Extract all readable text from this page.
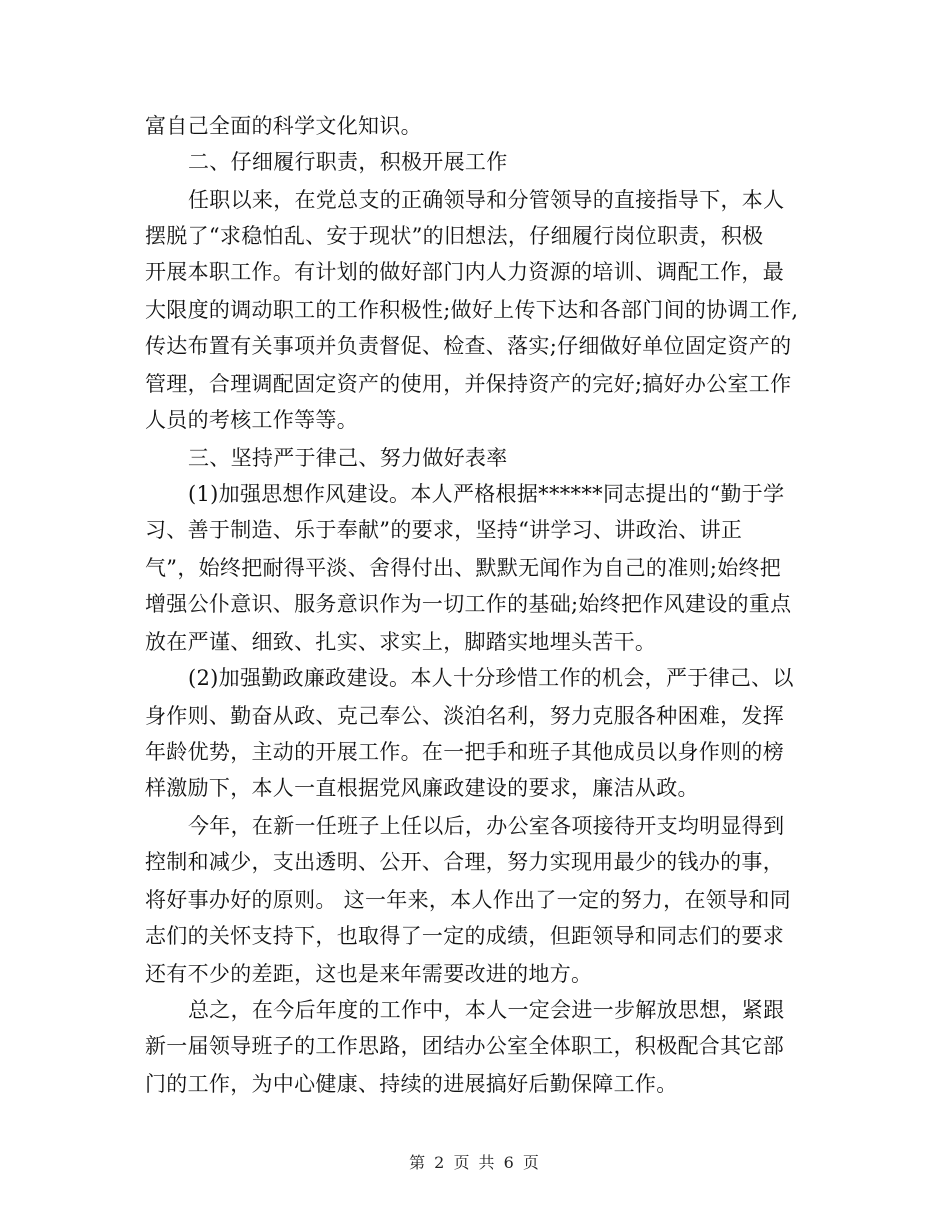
富自己全面的科学文化知识。
二、仔细履行职责，积极开展工作
任职以来，在党总支的正确领导和分管领导的直接指导下，本人
摆脱了“求稳怕乱、安于现状”的旧想法，仔细履行岗位职责，积极
开展本职工作。有计划的做好部门内人力资源的培训、调配工作，最
大限度的调动职工的工作积极性;做好上传下达和各部门间的协调工作,
传达布置有关事项并负责督促、检查、落实;仔细做好单位固定资产的
管理，合理调配固定资产的使用，并保持资产的完好;搞好办公室工作
人员的考核工作等等。
三、坚持严于律己、努力做好表率
(1)加强思想作风建设。本人严格根据******同志提出的“勤于学
习、善于制造、乐于奉献”的要求，坚持“讲学习、讲政治、讲正
气”，始终把耐得平淡、舍得付出、默默无闻作为自己的准则;始终把
增强公仆意识、服务意识作为一切工作的基础;始终把作风建设的重点
放在严谨、细致、扎实、求实上，脚踏实地埋头苦干。
(2)加强勤政廉政建设。本人十分珍惜工作的机会，严于律己、以
身作则、勤奋从政、克己奉公、淡泊名利，努力克服各种困难，发挥
年龄优势，主动的开展工作。在一把手和班子其他成员以身作则的榜
样激励下，本人一直根据党风廉政建设的要求，廉洁从政。
今年，在新一任班子上任以后，办公室各项接待开支均明显得到
控制和减少，支出透明、公开、合理，努力实现用最少的钱办的事，
将好事办好的原则。 这一年来，本人作出了一定的努力，在领导和同
志们的关怀支持下，也取得了一定的成绩，但距领导和同志们的要求
还有不少的差距，这也是来年需要改进的地方。
总之，在今后年度的工作中，本人一定会进一步解放思想，紧跟
新一届领导班子的工作思路，团结办公室全体职工，积极配合其它部
门的工作，为中心健康、持续的进展搞好后勤保障工作。
第 2 页 共 6 页
